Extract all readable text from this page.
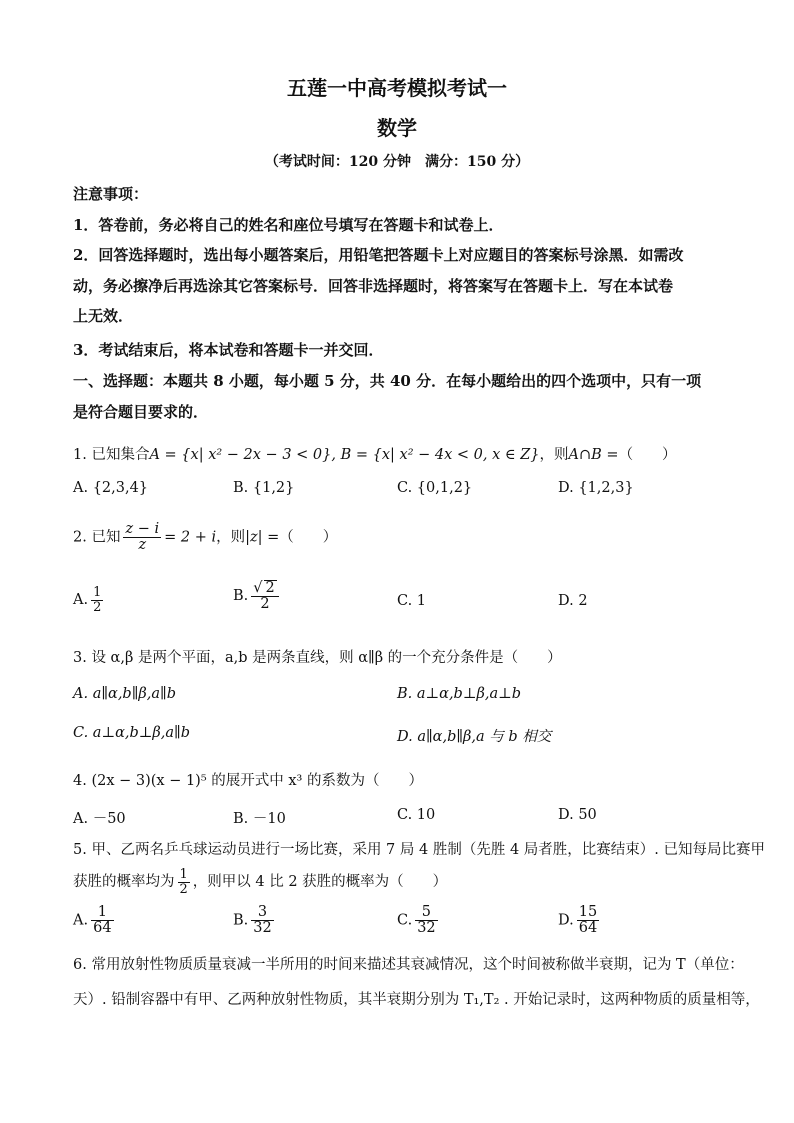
五莲一中高考模拟考试一
数学
（考试时间：120 分钟　满分：150 分）
注意事项：
1．答卷前，务必将自己的姓名和座位号填写在答题卡和试卷上．
2．回答选择题时，选出每小题答案后，用铅笔把答题卡上对应题目的答案标号涂黑．如需改
动，务必擦净后再选涂其它答案标号．回答非选择题时，将答案写在答题卡上．写在本试卷
上无效．
3．考试结束后，将本试卷和答题卡一并交回．
一、选择题：本题共 8 小题，每小题 5 分，共 40 分．在每小题给出的四个选项中，只有一项
是符合题目要求的．
1. 已知集合A = {x| x² − 2x − 3 < 0}, B = {x| x² − 4x < 0, x ∈ Z}，则A∩B =（　　）
A. {2,3,4}	B. {1,2}	C. {0,1,2}	D. {1,2,3}
2. 已知 $\frac{z - i}{z} = 2 + i$，则|z| =（　　）
A. $\frac{1}{2}$	B. $\frac{√ 2}{2}$	C. 1	D. 2
3. 设 α,β 是两个平面，a,b 是两条直线，则 α∥β 的一个充分条件是（　　）
A. a∥α,b∥β,a∥b	B. a⊥α,b⊥β,a⊥b
C. a⊥α,b⊥β,a∥b	D. a∥α,b∥β,a 与 b 相交
4. (2x − 3)(x − 1)⁵ 的展开式中 x³ 的系数为（　　）
A. －50	B. －10	C. 10	D. 50
5. 甲、乙两名乒乓球运动员进行一场比赛，采用 7 局 4 胜制（先胜 4 局者胜，比赛结束）. 已知每局比赛甲
获胜的概率均为 $\frac{1}{2}$ ，则甲以 4 比 2 获胜的概率为（　　）
A. $\frac{1}{64}$	B. $\frac{3}{32}$	C. $\frac{5}{32}$	D. $\frac{15}{64}$
6. 常用放射性物质质量衰减一半所用的时间来描述其衰减情况，这个时间被称做半衰期，记为 T（单位：
天）. 铅制容器中有甲、乙两种放射性物质，其半衰期分别为 T₁,T₂ . 开始记录时，这两种物质的质量相等，
